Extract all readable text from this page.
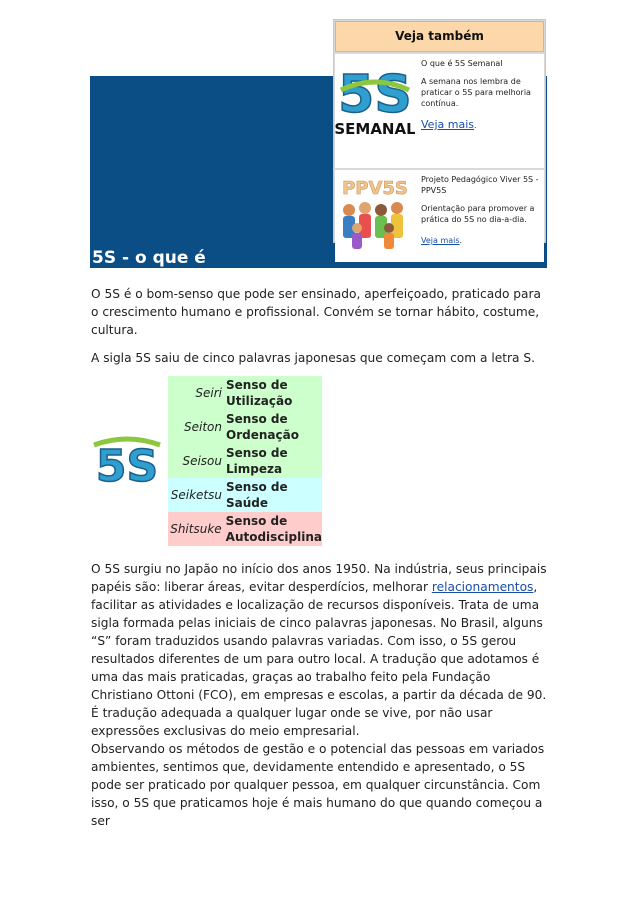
Veja também
5S
SEMANAL

O que é 5S Semanal

A semana nos lembra de praticar o 5S para melhoria contínua.

Veja mais.

PPV5S Projeto Pedagógico Viver 5S - PPV5S

Orientação para promover a prática do 5S no dia-a-dia.

Veja mais.

5S - o que é

O 5S é o bom-senso que pode ser ensinado, aperfeiçoado, praticado para o crescimento humano e profissional. Convém se tornar hábito, costume, cultura.

A sigla 5S saiu de cinco palavras japonesas que começam com a letra S.

5S
Seiri
Senso de Utilização
Seiton
Senso de Ordenação
Seisou
Senso de Limpeza
Seiketsu
Senso de Saúde
Shitsuke
Senso de Autodisciplina

O 5S surgiu no Japão no início dos anos 1950. Na indústria, seus principais papéis são: liberar áreas, evitar desperdícios, melhorar relacionamentos, facilitar as atividades e localização de recursos disponíveis. Trata de uma sigla formada pelas iniciais de cinco palavras japonesas. No Brasil, alguns “S” foram traduzidos usando palavras variadas. Com isso, o 5S gerou resultados diferentes de um para outro local. A tradução que adotamos é uma das mais praticadas, graças ao trabalho feito pela Fundação Christiano Ottoni (FCO), em empresas e escolas, a partir da década de 90. É tradução adequada a qualquer lugar onde se vive, por não usar expressões exclusivas do meio empresarial.

Observando os métodos de gestão e o potencial das pessoas em variados ambientes, sentimos que, devidamente entendido e apresentado, o 5S pode ser praticado por qualquer pessoa, em qualquer circunstância. Com isso, o 5S que praticamos hoje é mais humano do que quando começou a ser
